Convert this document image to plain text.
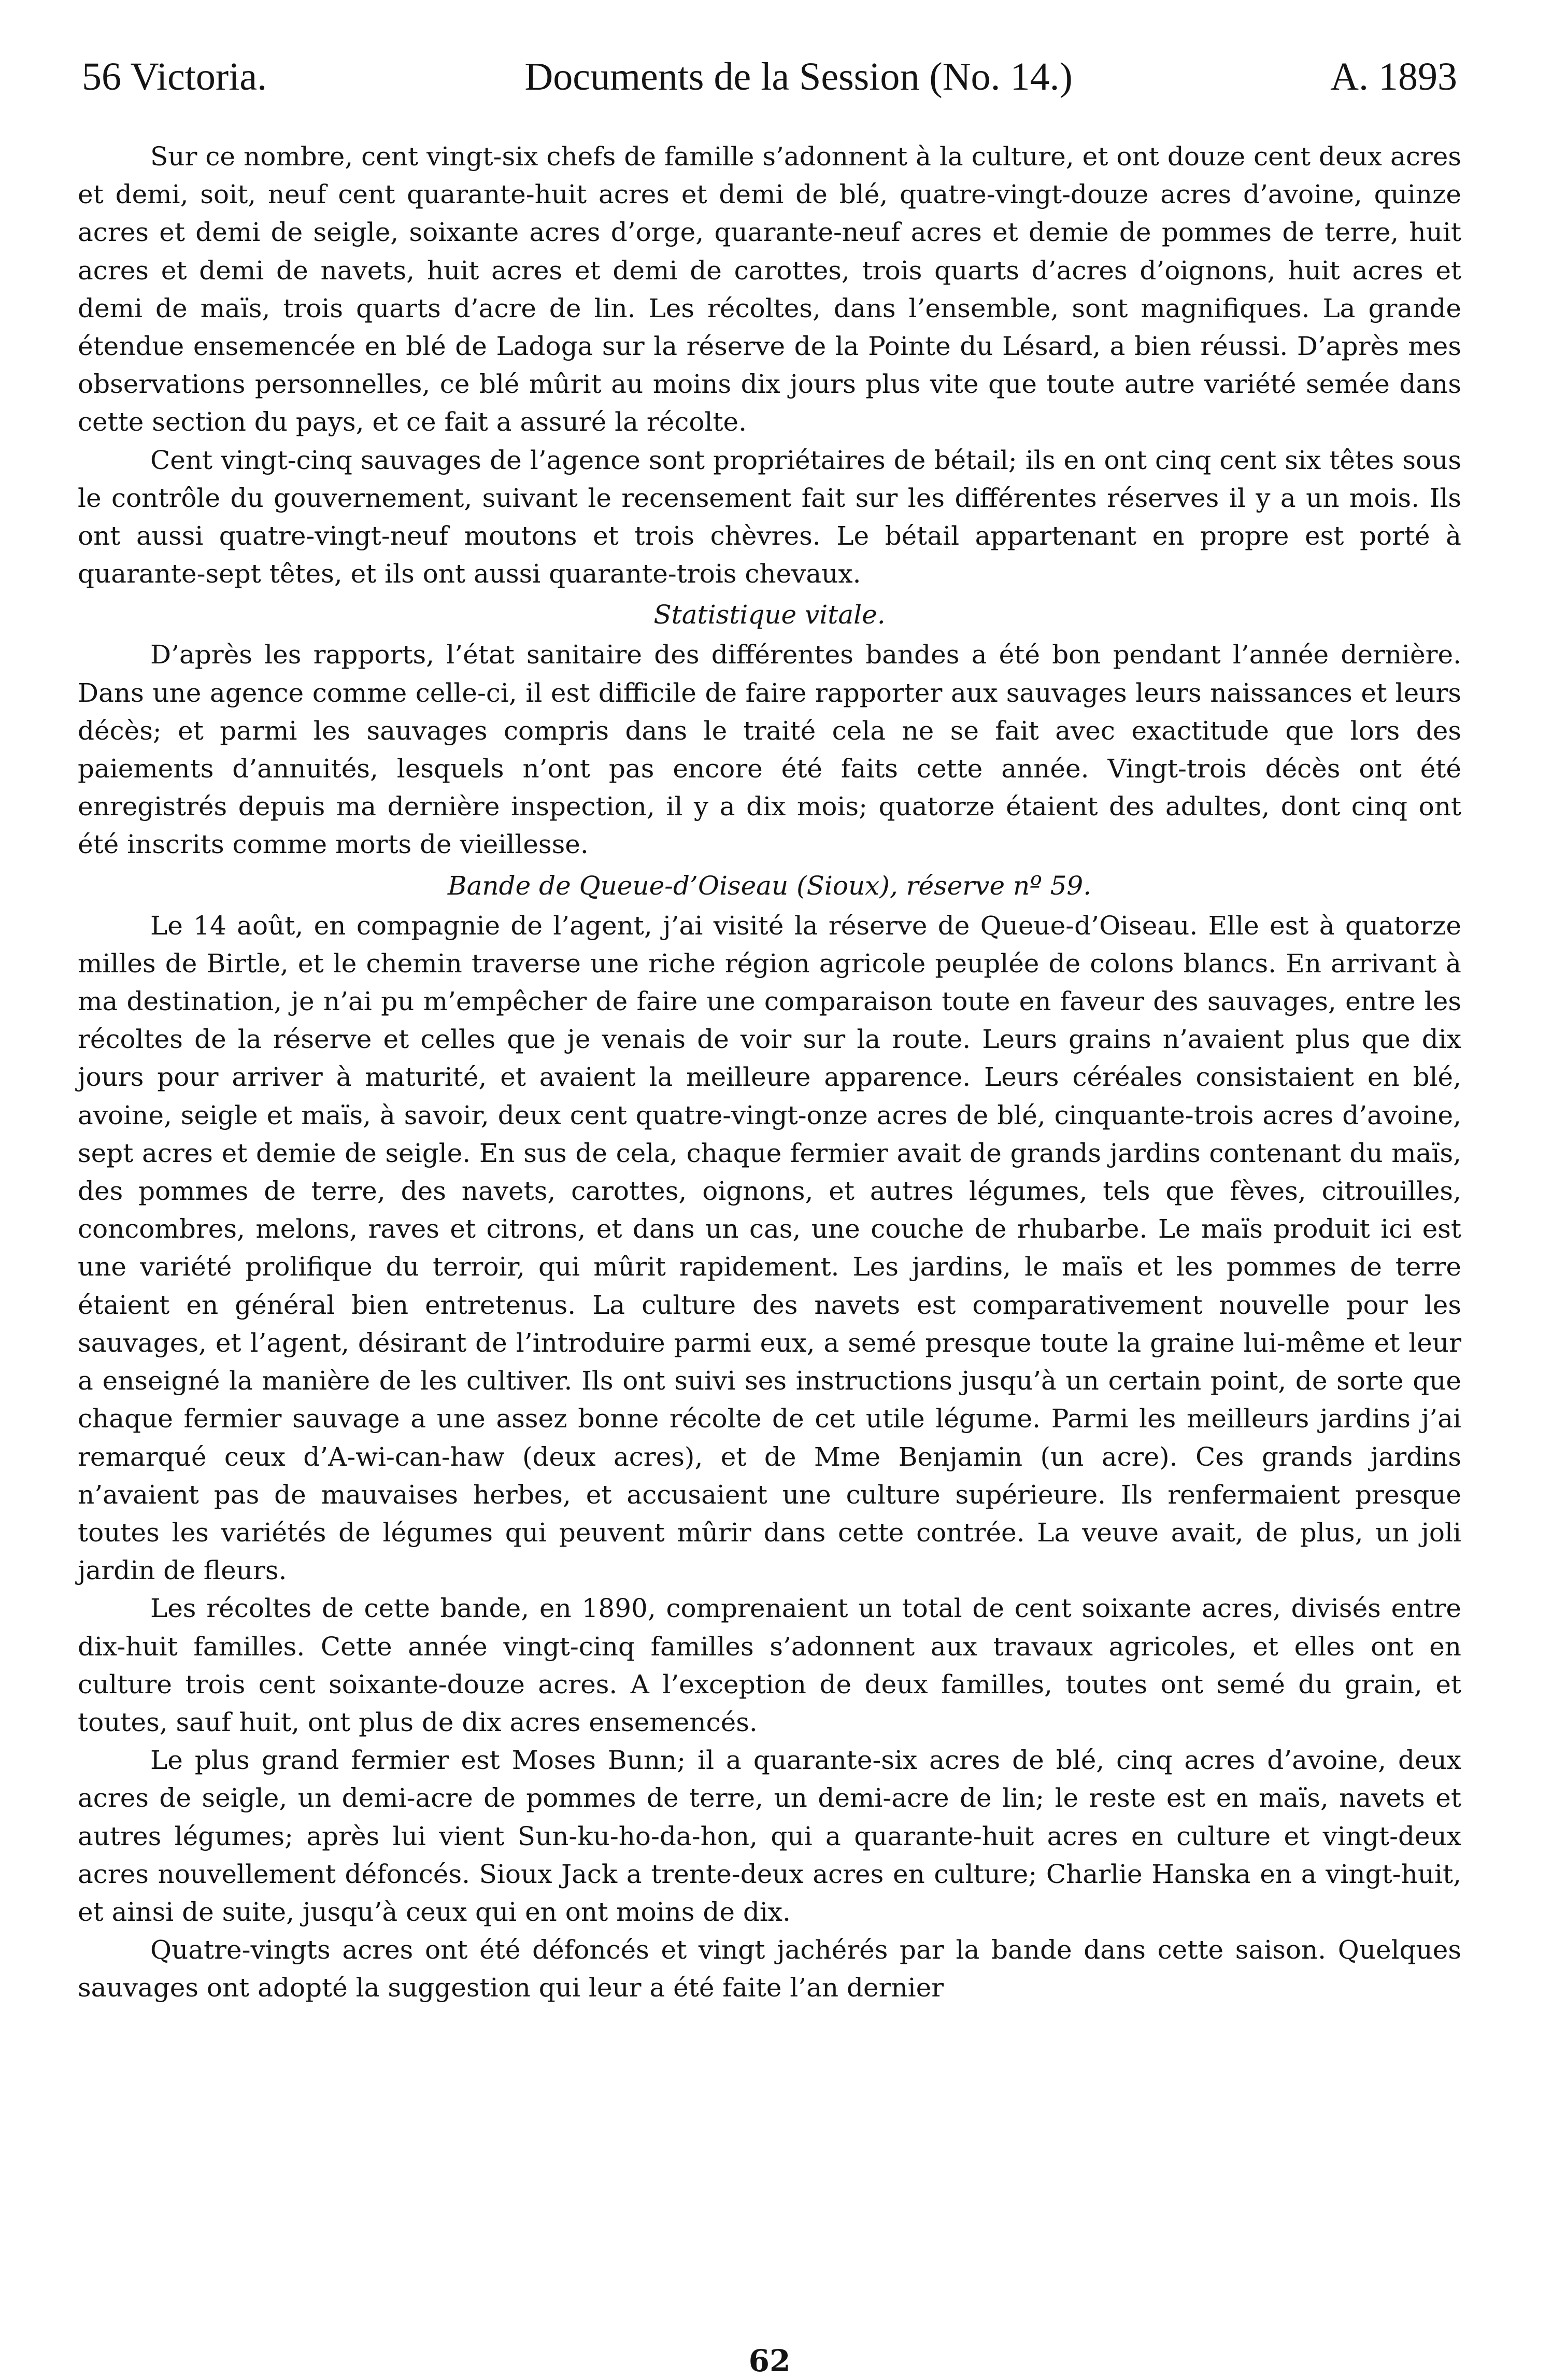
56 Victoria.	Documents de la Session (No. 14.)	A. 1893

Sur ce nombre, cent vingt-six chefs de famille s’adonnent à la culture, et ont douze cent deux acres et demi, soit, neuf cent quarante-huit acres et demi de blé, quatre-vingt-douze acres d’avoine, quinze acres et demi de seigle, soixante acres d’orge, quarante-neuf acres et demie de pommes de terre, huit acres et demi de navets, huit acres et demi de carottes, trois quarts d’acres d’oignons, huit acres et demi de maïs, trois quarts d’acre de lin. Les récoltes, dans l’ensemble, sont magnifiques. La grande étendue ensemencée en blé de Ladoga sur la réserve de la Pointe du Lésard, a bien réussi. D’après mes observations personnelles, ce blé mûrit au moins dix jours plus vite que toute autre variété semée dans cette section du pays, et ce fait a assuré la récolte.

Cent vingt-cinq sauvages de l’agence sont propriétaires de bétail; ils en ont cinq cent six têtes sous le contrôle du gouvernement, suivant le recensement fait sur les différentes réserves il y a un mois. Ils ont aussi quatre-vingt-neuf moutons et trois chèvres. Le bétail appartenant en propre est porté à quarante-sept têtes, et ils ont aussi quarante-trois chevaux.

Statistique vitale.

D’après les rapports, l’état sanitaire des différentes bandes a été bon pendant l’année dernière. Dans une agence comme celle-ci, il est difficile de faire rapporter aux sauvages leurs naissances et leurs décès; et parmi les sauvages compris dans le traité cela ne se fait avec exactitude que lors des paiements d’annuités, lesquels n’ont pas encore été faits cette année. Vingt-trois décès ont été enregistrés depuis ma dernière inspection, il y a dix mois; quatorze étaient des adultes, dont cinq ont été inscrits comme morts de vieillesse.

Bande de Queue-d’Oiseau (Sioux), réserve nº 59.

Le 14 août, en compagnie de l’agent, j’ai visité la réserve de Queue-d’Oiseau. Elle est à quatorze milles de Birtle, et le chemin traverse une riche région agricole peuplée de colons blancs. En arrivant à ma destination, je n’ai pu m’empêcher de faire une comparaison toute en faveur des sauvages, entre les récoltes de la réserve et celles que je venais de voir sur la route. Leurs grains n’avaient plus que dix jours pour arriver à maturité, et avaient la meilleure apparence. Leurs céréales consistaient en blé, avoine, seigle et maïs, à savoir, deux cent quatre-vingt-onze acres de blé, cinquante-trois acres d’avoine, sept acres et demie de seigle. En sus de cela, chaque fermier avait de grands jardins contenant du maïs, des pommes de terre, des navets, carottes, oignons, et autres légumes, tels que fèves, citrouilles, concombres, melons, raves et citrons, et dans un cas, une couche de rhubarbe. Le maïs produit ici est une variété prolifique du terroir, qui mûrit rapidement. Les jardins, le maïs et les pommes de terre étaient en général bien entretenus. La culture des navets est comparativement nouvelle pour les sauvages, et l’agent, désirant de l’introduire parmi eux, a semé presque toute la graine lui-même et leur a enseigné la manière de les cultiver. Ils ont suivi ses instructions jusqu’à un certain point, de sorte que chaque fermier sauvage a une assez bonne récolte de cet utile légume. Parmi les meilleurs jardins j’ai remarqué ceux d’A-wi-can-haw (deux acres), et de Mme Benjamin (un acre). Ces grands jardins n’avaient pas de mauvaises herbes, et accusaient une culture supérieure. Ils renfermaient presque toutes les variétés de légumes qui peuvent mûrir dans cette contrée. La veuve avait, de plus, un joli jardin de fleurs.

Les récoltes de cette bande, en 1890, comprenaient un total de cent soixante acres, divisés entre dix-huit familles. Cette année vingt-cinq familles s’adonnent aux travaux agricoles, et elles ont en culture trois cent soixante-douze acres. A l’exception de deux familles, toutes ont semé du grain, et toutes, sauf huit, ont plus de dix acres ensemencés.

Le plus grand fermier est Moses Bunn; il a quarante-six acres de blé, cinq acres d’avoine, deux acres de seigle, un demi-acre de pommes de terre, un demi-acre de lin; le reste est en maïs, navets et autres légumes; après lui vient Sun-ku-ho-da-hon, qui a quarante-huit acres en culture et vingt-deux acres nouvellement défoncés. Sioux Jack a trente-deux acres en culture; Charlie Hanska en a vingt-huit, et ainsi de suite, jusqu’à ceux qui en ont moins de dix.

Quatre-vingts acres ont été défoncés et vingt jachérés par la bande dans cette saison. Quelques sauvages ont adopté la suggestion qui leur a été faite l’an dernier

62
